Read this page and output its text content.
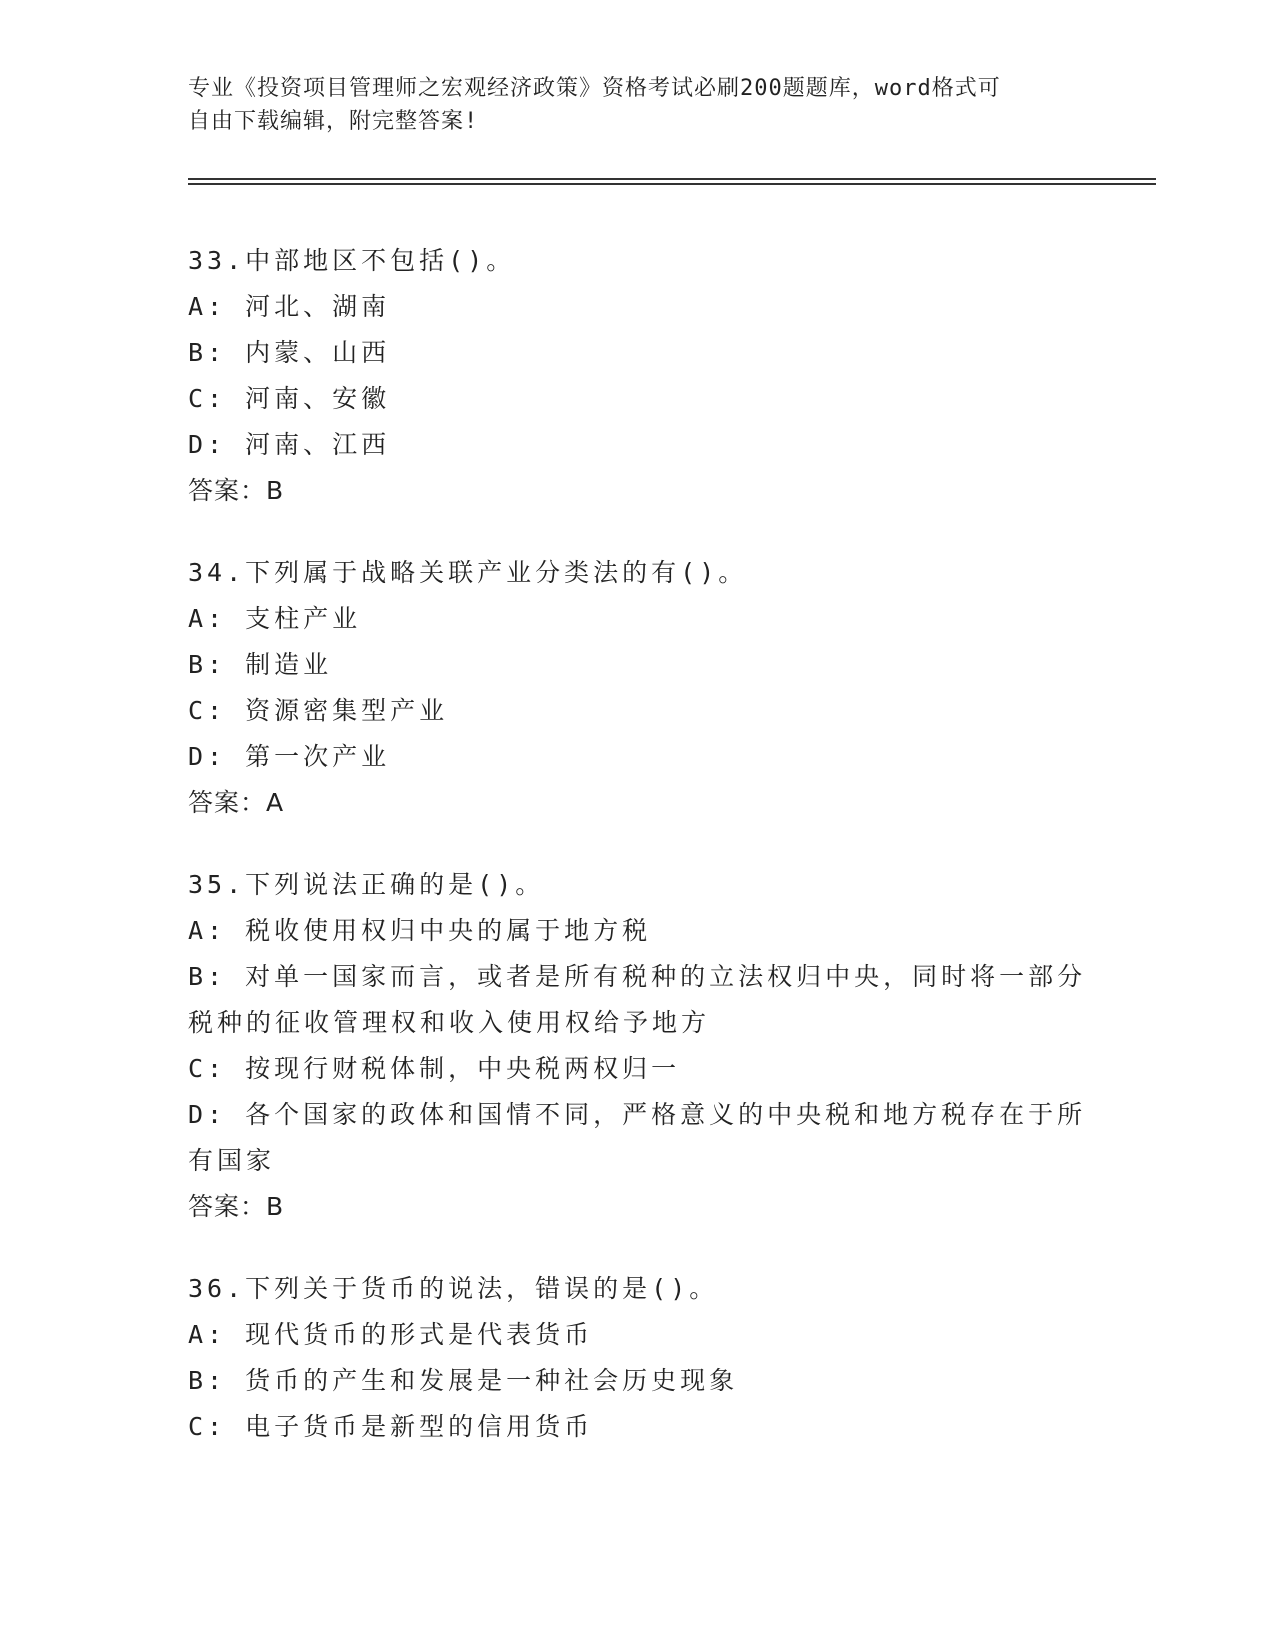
专业《投资项目管理师之宏观经济政策》资格考试必刷200题题库，word格式可
自由下载编辑，附完整答案!
33.中部地区不包括()。
A: 河北、湖南
B: 内蒙、山西
C: 河南、安徽
D: 河南、江西
答案：B
34.下列属于战略关联产业分类法的有()。
A: 支柱产业
B: 制造业
C: 资源密集型产业
D: 第一次产业
答案：A
35.下列说法正确的是()。
A: 税收使用权归中央的属于地方税
B: 对单一国家而言，或者是所有税种的立法权归中央，同时将一部分税种的征收管理权和收入使用权给予地方
C: 按现行财税体制，中央税两权归一
D: 各个国家的政体和国情不同，严格意义的中央税和地方税存在于所有国家
答案：B
36.下列关于货币的说法，错误的是()。
A: 现代货币的形式是代表货币
B: 货币的产生和发展是一种社会历史现象
C: 电子货币是新型的信用货币
